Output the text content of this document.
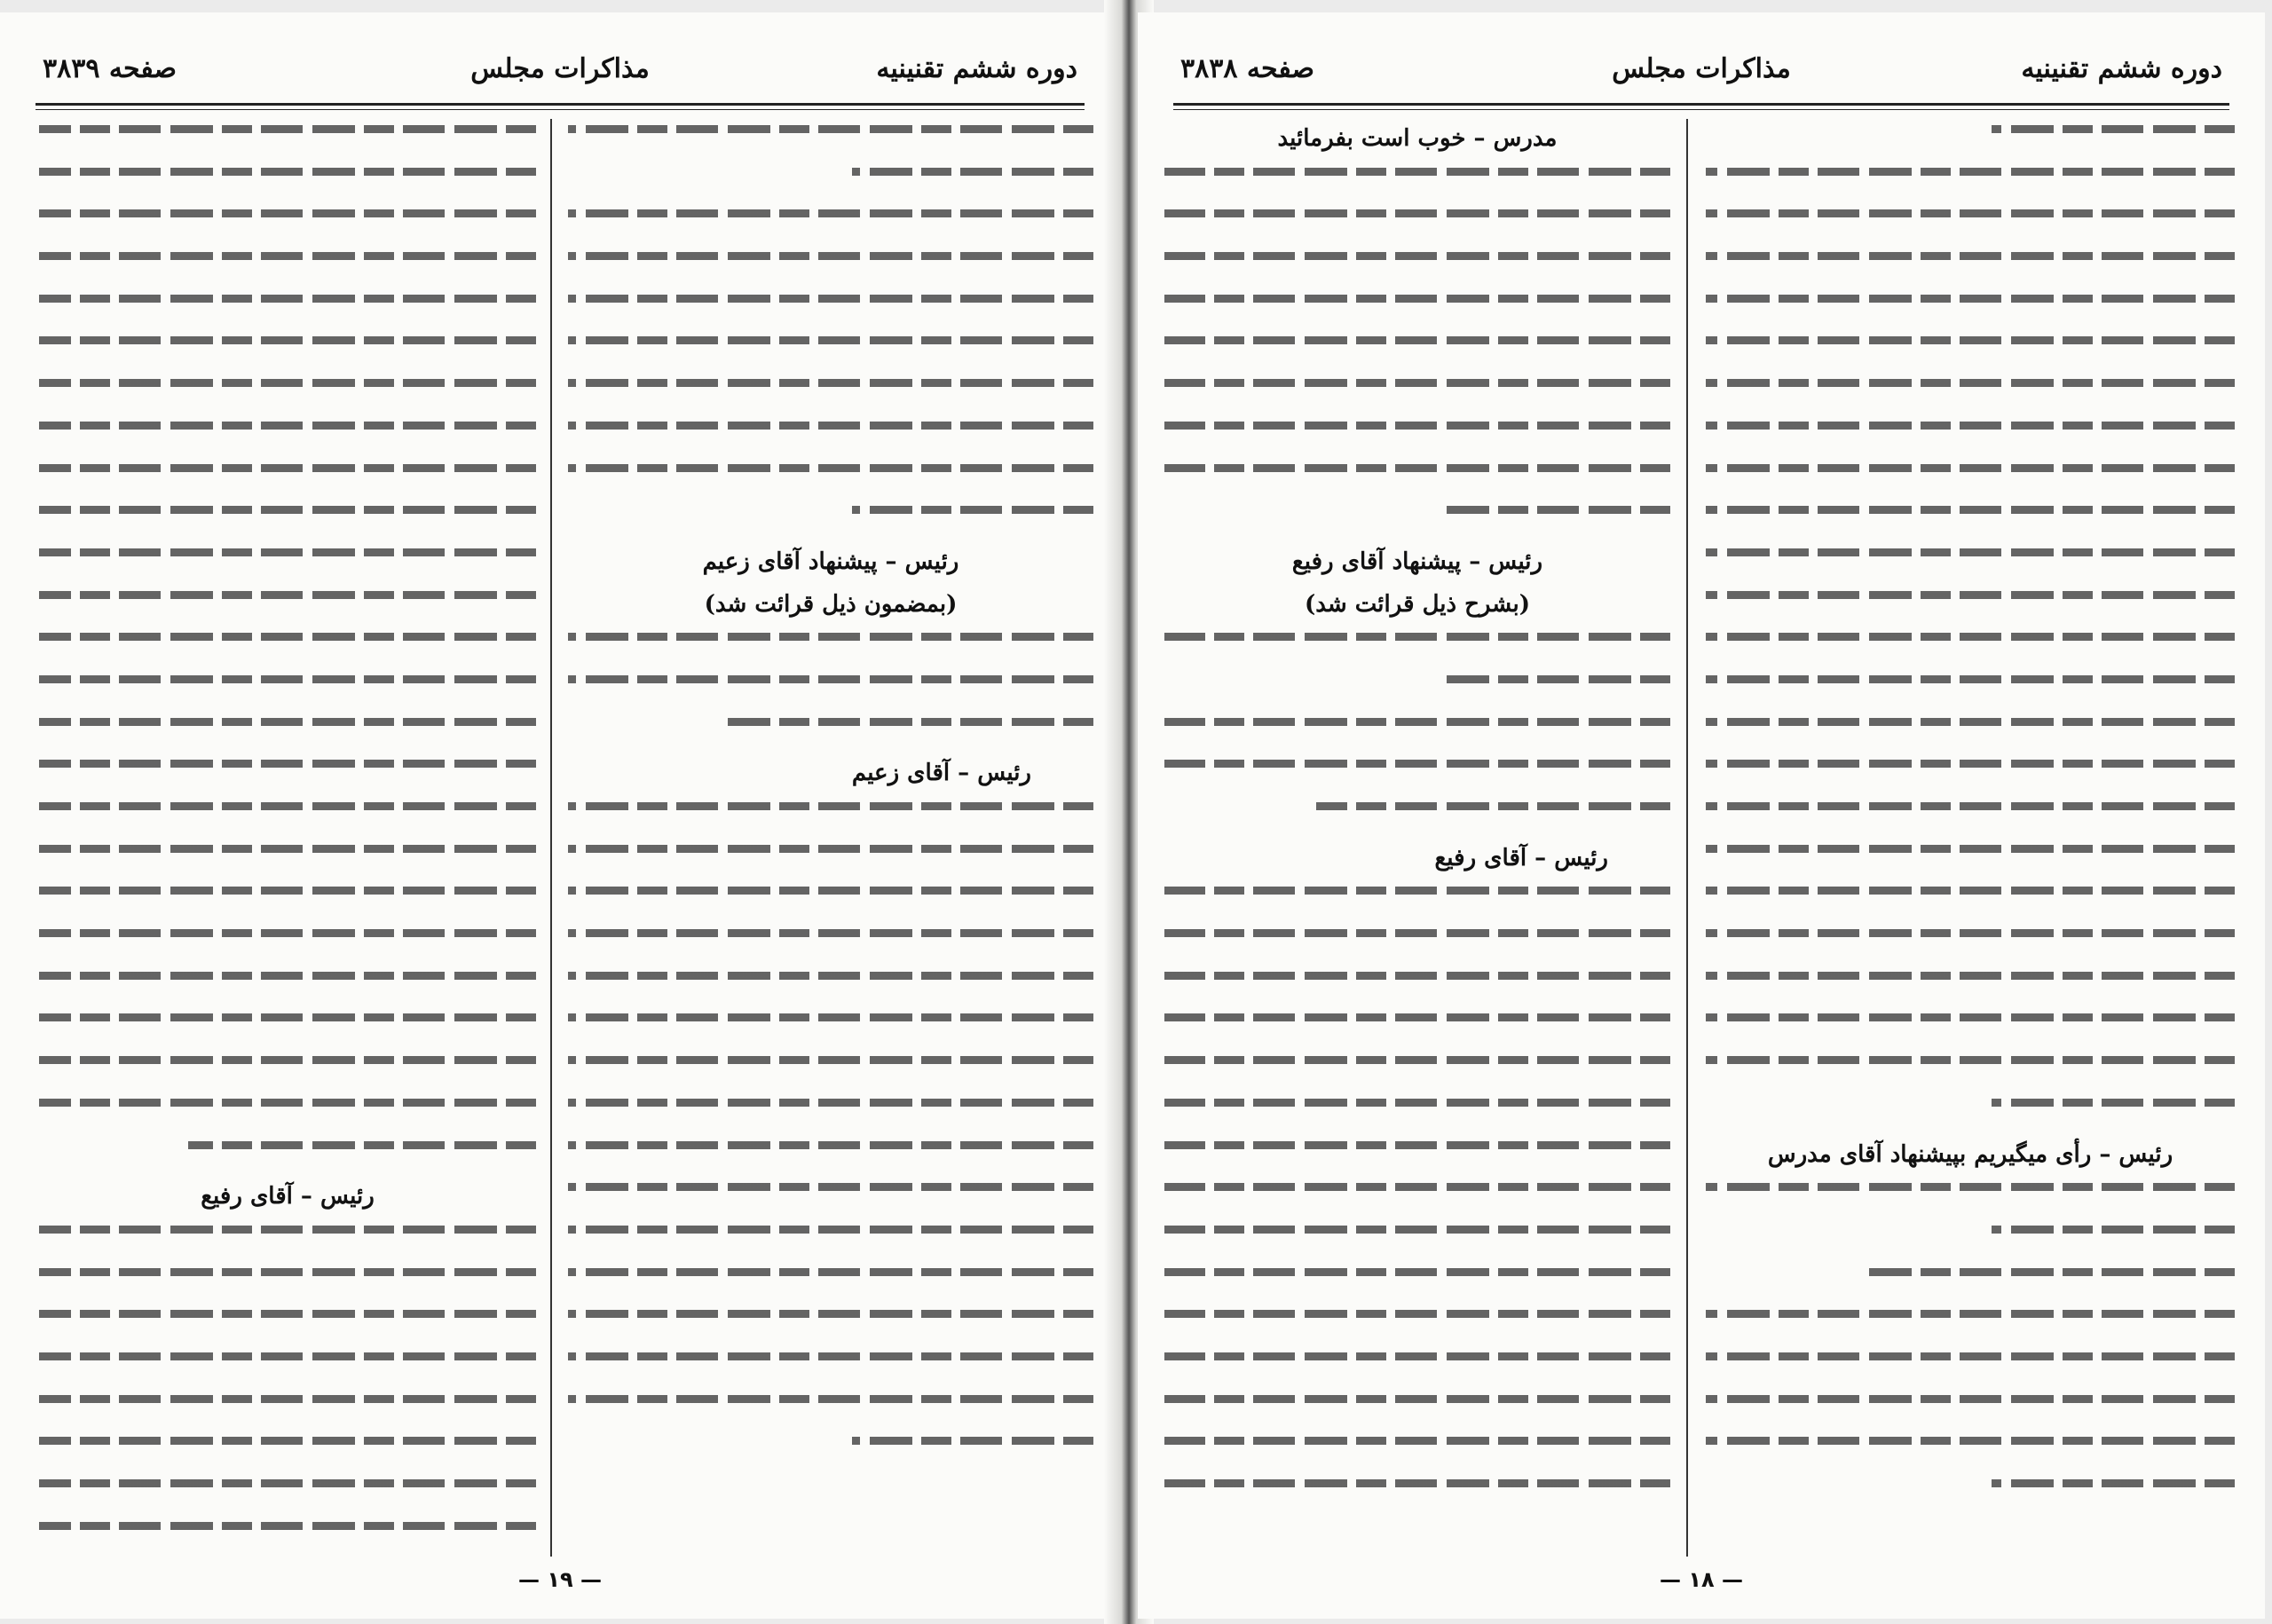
دوره ششم تقنينيه
مذاکرات مجلس
صفحه ۳۸۳۹
رئيس – پيشنهاد آقای زعيم
(بمضمون ذيل قرائت شد)
رئيس – آقای زعيم
رئيس – آقای رفيع
— ۱۹ —
دوره ششم تقنينيه
مذاکرات مجلس
صفحه ۳۸۳۸
رئيس – رأی ميگيريم بپيشنهاد آقای مدرس
مدرس – خوب است بفرمائيد
رئيس – پيشنهاد آقای رفيع
(بشرح ذيل قرائت شد)
رئيس – آقای رفيع
— ۱۸ —
